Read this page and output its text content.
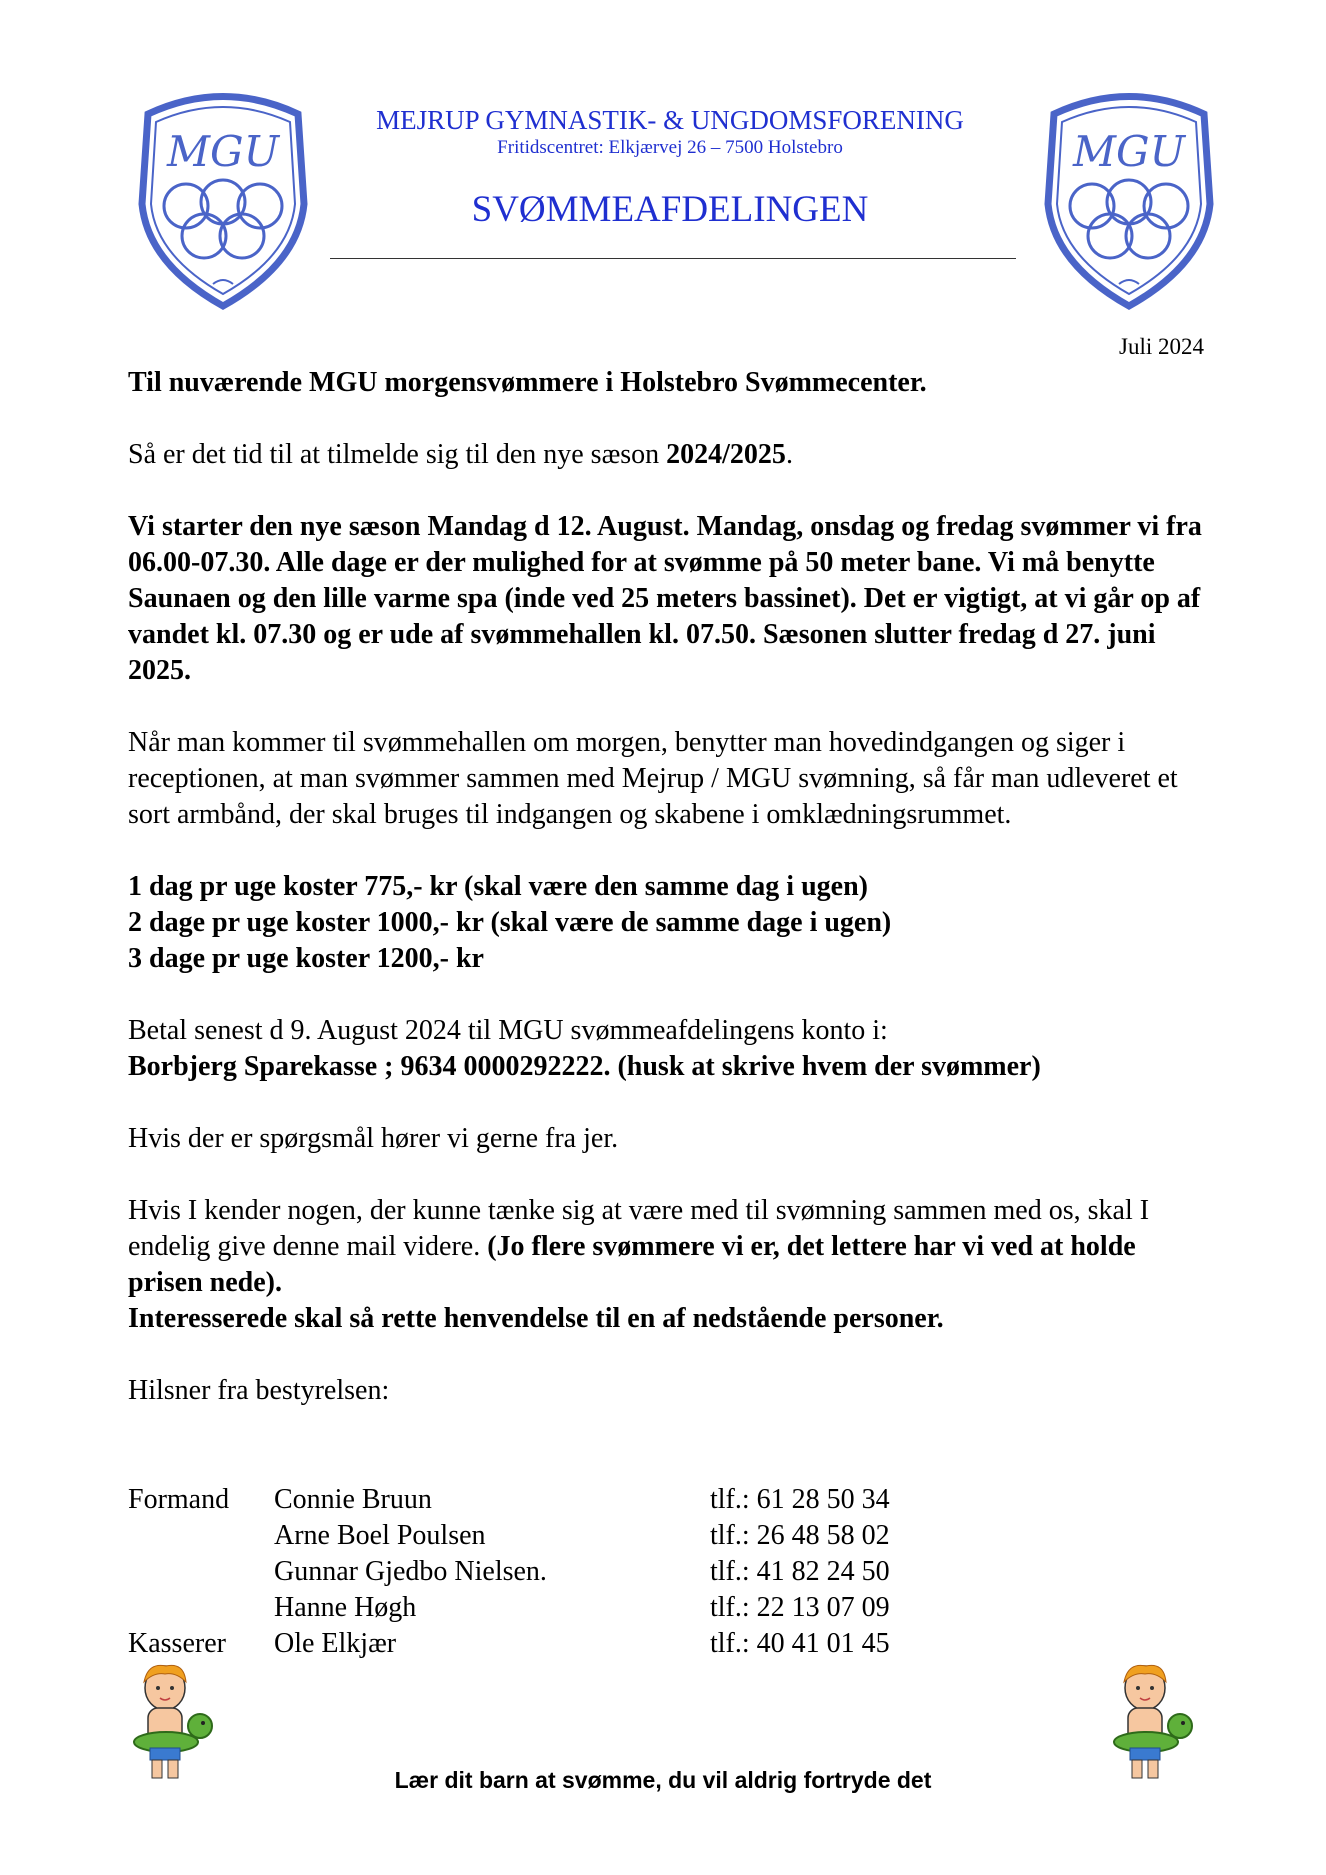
MGU	MGU
MEJRUP GYMNASTIK- & UNGDOMSFORENING
Fritidscentret: Elkjærvej 26 – 7500 Holstebro
SVØMMEAFDELINGEN
Juli 2024

Til nuværende MGU morgensvømmere i Holstebro Svømmecenter.

Så er det tid til at tilmelde sig til den nye sæson 2024/2025.

Vi starter den nye sæson Mandag d 12. August. Mandag, onsdag og fredag svømmer vi fra 06.00-07.30. Alle dage er der mulighed for at svømme på 50 meter bane. Vi må benytte Saunaen og den lille varme spa (inde ved 25 meters bassinet). Det er vigtigt, at vi går op af vandet kl. 07.30 og er ude af svømmehallen kl. 07.50. Sæsonen slutter fredag d 27. juni 2025.

Når man kommer til svømmehallen om morgen, benytter man hovedindgangen og siger i receptionen, at man svømmer sammen med Mejrup / MGU svømning, så får man udleveret et sort armbånd, der skal bruges til indgangen og skabene i omklædningsrummet.

1 dag pr uge koster 775,- kr (skal være den samme dag i ugen)
2 dage pr uge koster 1000,- kr (skal være de samme dage i ugen)
3 dage pr uge koster 1200,- kr

Betal senest d 9. August 2024 til MGU svømmeafdelingens konto i:
Borbjerg Sparekasse ; 9634 0000292222. (husk at skrive hvem der svømmer)

Hvis der er spørgsmål hører vi gerne fra jer.

Hvis I kender nogen, der kunne tænke sig at være med til svømning sammen med os, skal I endelig give denne mail videre. (Jo flere svømmere vi er, det lettere har vi ved at holde prisen nede).
Interesserede skal så rette henvendelse til en af nedstående personer.

Hilsner fra bestyrelsen:

Formand Connie Bruun	tlf.: 61 28 50 34
Arne Boel Poulsen	tlf.: 26 48 58 02
Gunnar Gjedbo Nielsen.	tlf.: 41 82 24 50
Hanne Høgh	tlf.: 22 13 07 09
Kasserer Ole Elkjær	tlf.: 40 41 01 45
Lær dit barn at svømme, du vil aldrig fortryde det
